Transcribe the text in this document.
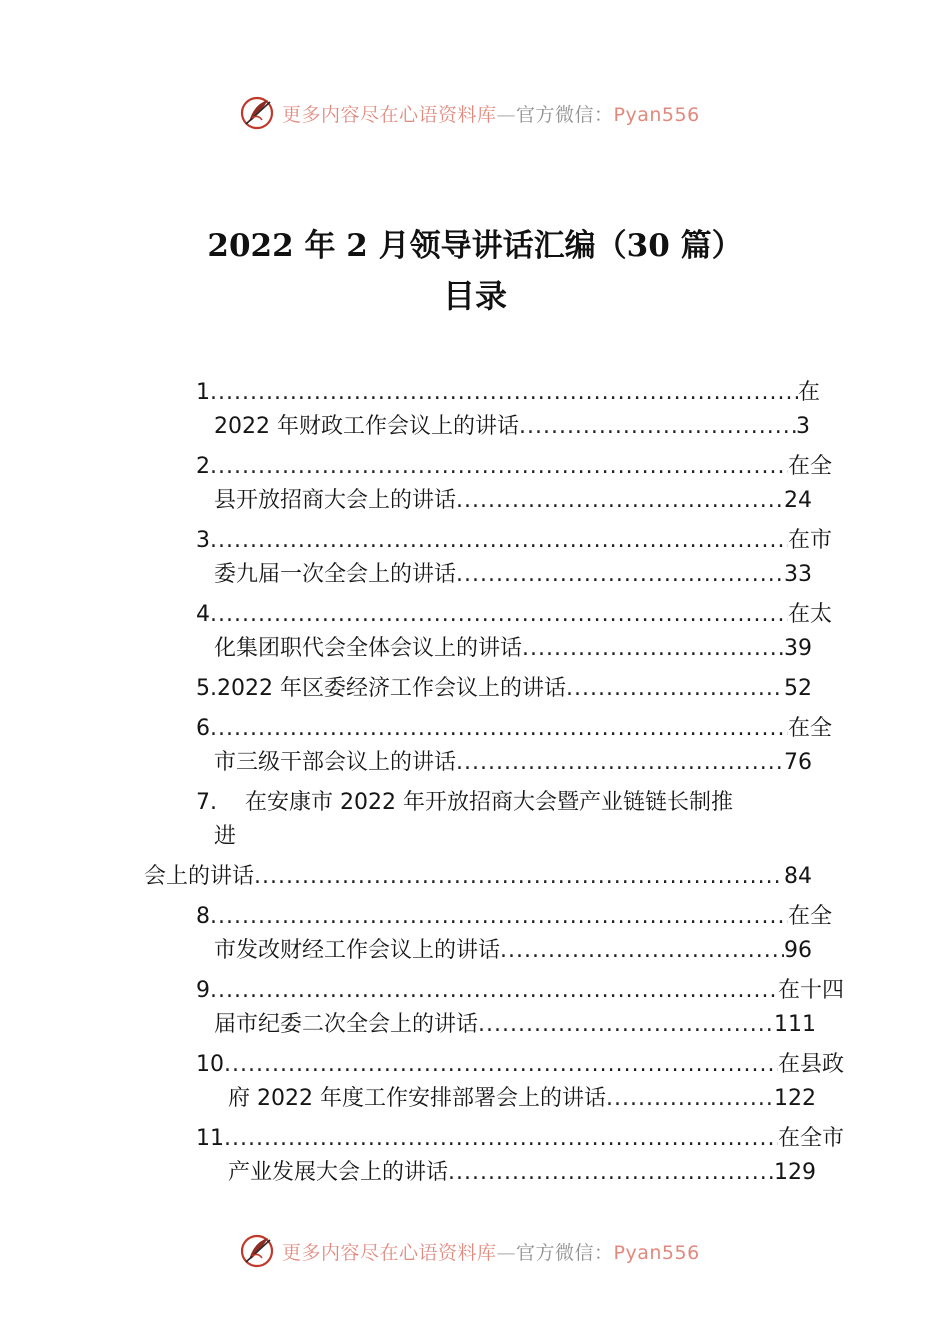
更多内容尽在心语资料库—官方微信：Pyan556
2022 年 2 月领导讲话汇编（30 篇）
目录
1 .....	在
2022 年财政工作会议上的讲话 .....	3
2 .....	在全
县开放招商大会上的讲话 .....	24
3 .....	在市
委九届一次全会上的讲话 .....	33
4 .....	在太
化集团职代会全体会议上的讲话 .....	39
5.2022 年区委经济工作会议上的讲话 .....	52
6 .....	在全
市三级干部会议上的讲话 .....	76
7.    在安康市 2022 年开放招商大会暨产业链链长制推
进
会上的讲话 .....	84
8 .....	在全
市发改财经工作会议上的讲话 .....	96
9 .....	在十四
届市纪委二次全会上的讲话 .....	111
10 .....	在县政
府 2022 年度工作安排部署会上的讲话 .....	122
11 .....	在全市
产业发展大会上的讲话 .....	129
更多内容尽在心语资料库—官方微信：Pyan556
